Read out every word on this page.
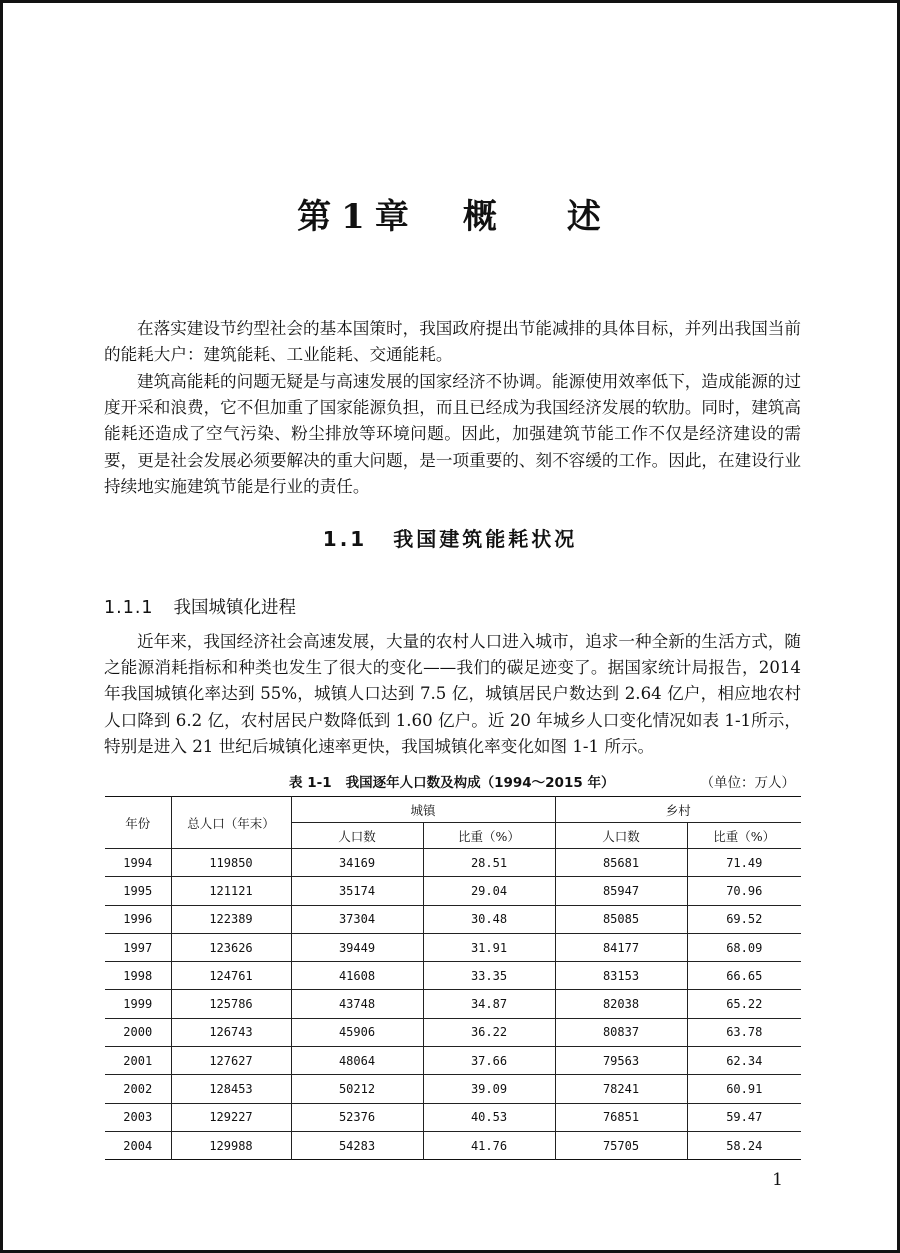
第 1 章 概 述

在落实建设节约型社会的基本国策时，我国政府提出节能减排的具体目标，并列出我国当前的能耗大户：建筑能耗、工业能耗、交通能耗。

建筑高能耗的问题无疑是与高速发展的国家经济不协调。能源使用效率低下，造成能源的过度开采和浪费，它不但加重了国家能源负担，而且已经成为我国经济发展的软肋。同时，建筑高能耗还造成了空气污染、粉尘排放等环境问题。因此，加强建筑节能工作不仅是经济建设的需要，更是社会发展必须要解决的重大问题，是一项重要的、刻不容缓的工作。因此，在建设行业持续地实施建筑节能是行业的责任。

1.1 我国建筑能耗状况
1.1.1 我国城镇化进程

近年来，我国经济社会高速发展，大量的农村人口进入城市，追求一种全新的生活方式，随之能源消耗指标和种类也发生了很大的变化——我们的碳足迹变了。据国家统计局报告，2014 年我国城镇化率达到 55%，城镇人口达到 7.5 亿，城镇居民户数达到 2.64 亿户，相应地农村人口降到 6.2 亿，农村居民户数降低到 1.60 亿户。近 20 年城乡人口变化情况如表 1-1所示，特别是进入 21 世纪后城镇化速率更快，我国城镇化率变化如图 1-1 所示。

表 1-1 我国逐年人口数及构成（1994～2015 年）	（单位：万人）
年份	总人口（年末）	城镇		乡村	
		人口数	比重（%）	人口数	比重（%）
1994	119850	34169	28.51	85681	71.49
1995	121121	35174	29.04	85947	70.96
1996	122389	37304	30.48	85085	69.52
1997	123626	39449	31.91	84177	68.09
1998	124761	41608	33.35	83153	66.65
1999	125786	43748	34.87	82038	65.22
2000	126743	45906	36.22	80837	63.78
2001	127627	48064	37.66	79563	62.34
2002	128453	50212	39.09	78241	60.91
2003	129227	52376	40.53	76851	59.47
2004	129988	54283	41.76	75705	58.24
1
